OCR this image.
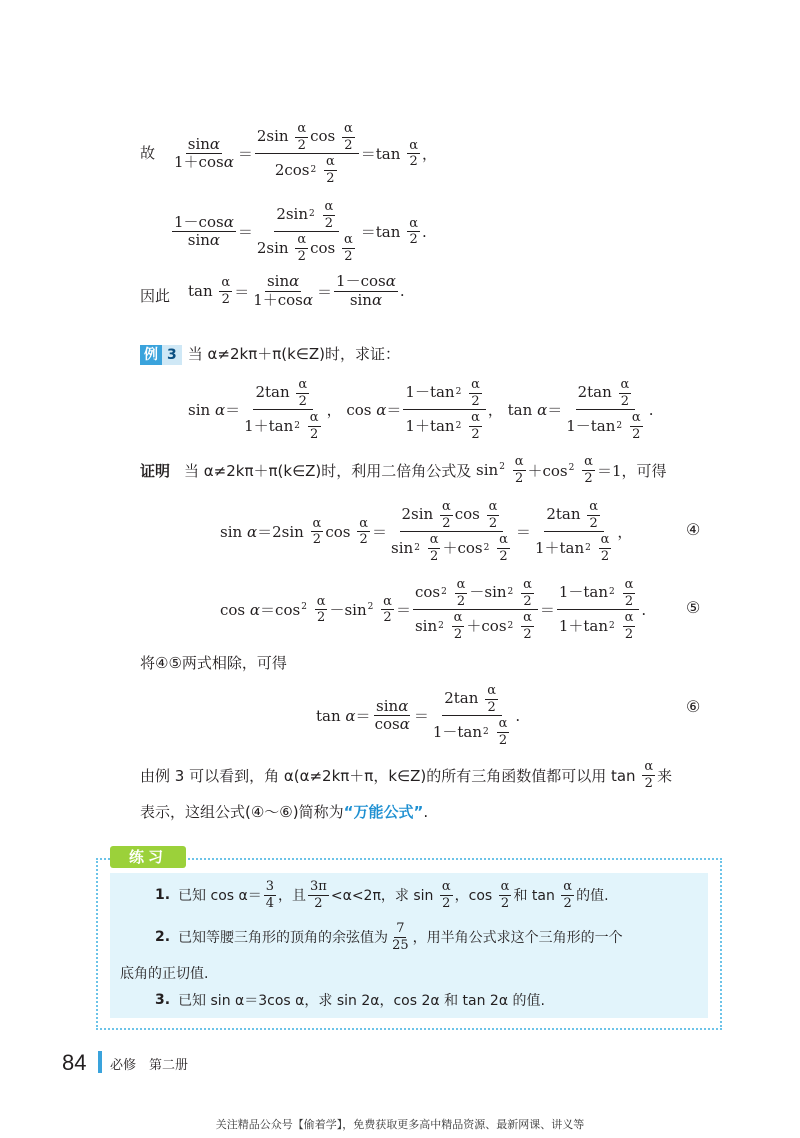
故 $\frac{\text{sin α}}{\text{1＋cos α}} = 2\sin \frac{\alpha}{2}$ $\cos \frac{\alpha}{2}$
2cos 2
$\frac{\alpha}{2} =\tan \frac{\alpha}{2}$ ，
$\frac{\text{1－cos α}}{\text{sin α}} = 2\sin$ 2
$\frac{\alpha}{2}$
$2\sin \frac{\alpha}{2}$ $\cos \frac{\alpha}{2} =\tan \frac{\alpha}{2}$ .
因此 $\tan \frac{\alpha}{2} = \frac{\text{sin α}}{\text{1＋cos α}} = \frac{\text{1－cos α}}{\text{sin α}}$ .
例 3 当 α≠2kπ＋π(k∈Z)时，求证：
$\sin \alpha= 2\tan \frac{\alpha}{2}$
1＋tan 2
$\frac{\alpha}{2}$ ， cos α＝ 1－tan 2
$\frac{\alpha}{2}$
1＋tan 2
$\frac{\alpha}{2}$ ， $\tan \alpha= 2\tan \frac{\alpha}{2}$
1－tan 2
$\frac{\alpha}{2}$ .
证明 当 α≠2kπ＋π(k∈Z)时，利用二倍角公式及 $\sin^2 \frac{\alpha}{2} +\cos^2 \frac{\alpha}{2} =1$ ，可得
$\sin \alpha=2\sin \frac{\alpha}{2}$ $\cos \frac{\alpha}{2} = 2\sin \frac{\alpha}{2}$ $\cos \frac{\alpha}{2}$
sin 2
$\frac{\alpha}{2} +\cos$ 2
$\frac{\alpha}{2} = 2\tan \frac{\alpha}{2}$
1＋tan 2
$\frac{\alpha}{2}$ ，	④
$\cos \alpha=\cos^2 \frac{\alpha}{2} -\sin^2 \frac{\alpha}{2} = \cos 2$
$\frac{\alpha}{2} -\sin$ 2
$\frac{\alpha}{2}$
sin 2
$\frac{\alpha}{2} +\cos$ 2
$\frac{\alpha}{2} = 1-\tan$ 2
$\frac{\alpha}{2}$
1＋tan 2
$\frac{\alpha}{2}$ . ⑤
将④⑤两式相除，可得
$\tan \alpha= \frac{\text{sin α}}{\text{cos α}} = 2\tan \frac{\alpha}{2}$
1－tan 2
$\frac{\alpha}{2}$ .	⑥
由例 3 可以看到，角 α(α≠2kπ＋π，k∈Z)的所有三角函数值都可以用 tan
$\frac{\alpha}{2}$ 来
表示，这组公式(④～⑥)简称为“万能公式”.
练习
1. 已知 $\cos \alpha= \frac{3}{4}$ ，且 $\frac{3\pi}{2} <\alpha<2\pi$，求 sin
$\frac{\alpha}{2}$ ，cos
$\frac{\alpha}{2}$ 和 tan
$\frac{\alpha}{2}$ 的值.
2. 已知等腰三角形的顶角的余弦值为 $\frac{7}{25}$ ，用半角公式求这个三角形的一个
底角的正切值.
3. 已知 sin α＝3cos α，求 sin 2α，cos 2α 和 tan 2α 的值.
84 必修　第二册
关注精品公众号【偷着学】，免费获取更多高中精品资源、最新网课、讲义等
